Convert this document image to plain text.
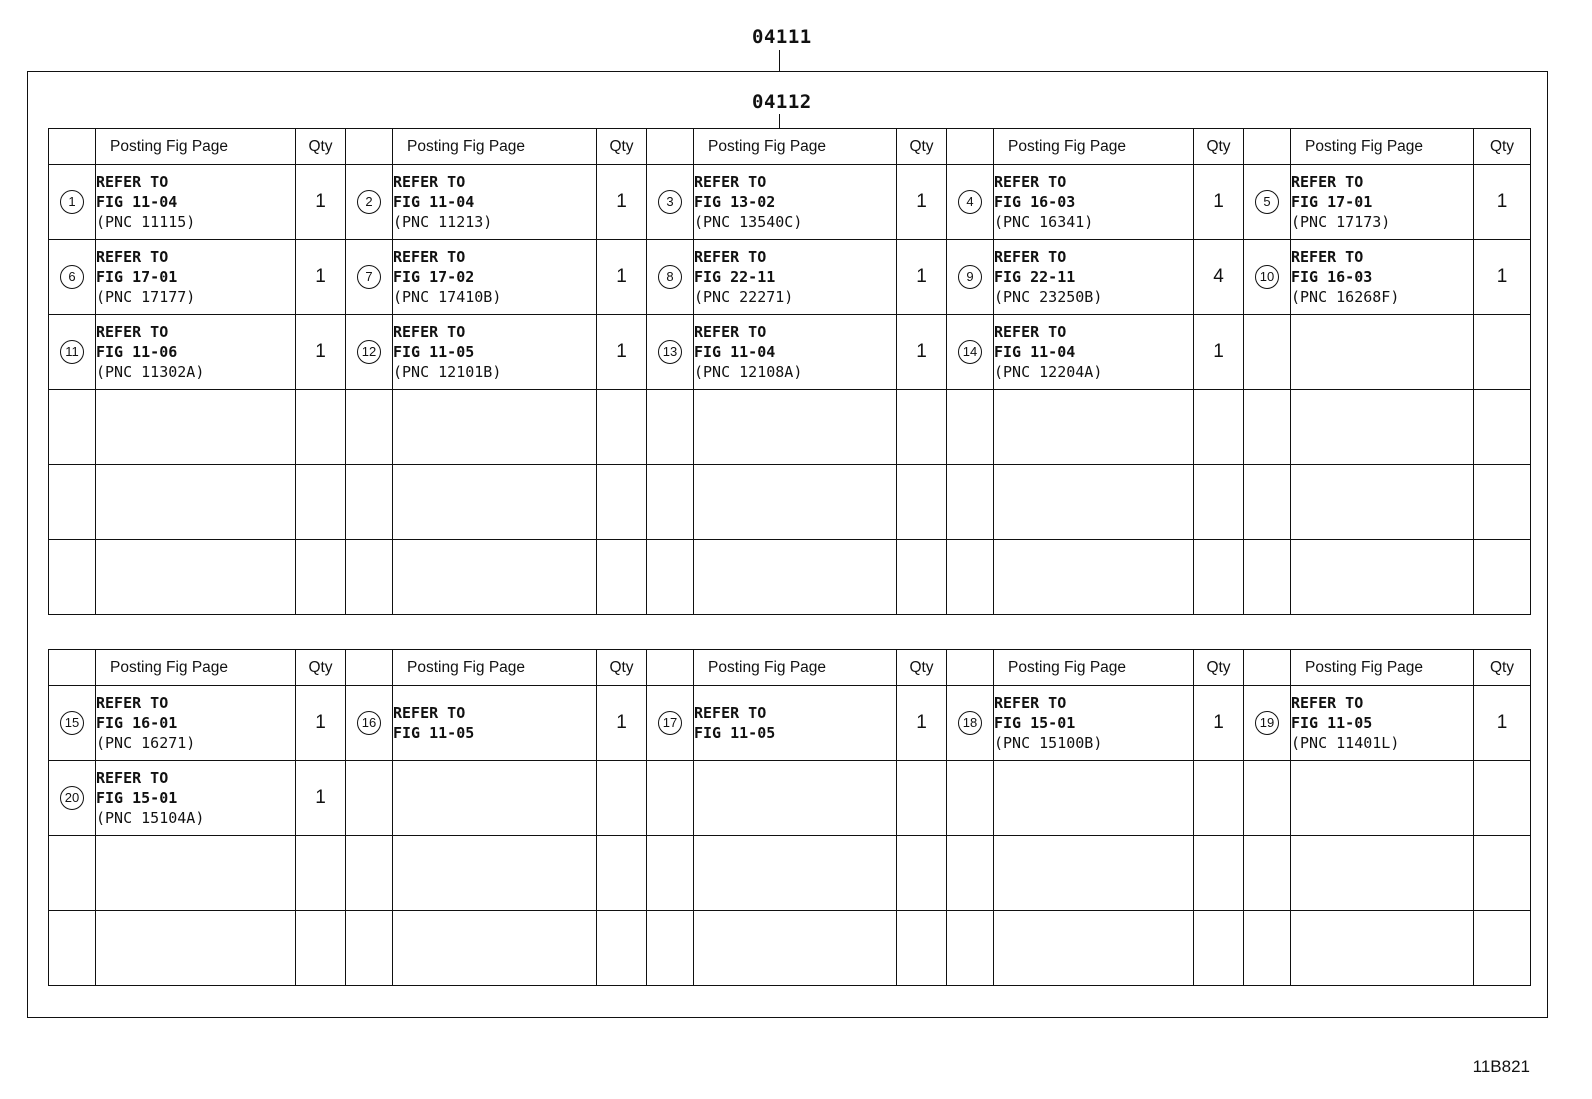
04111
04112
	Posting Fig Page	Qty		Posting Fig Page	Qty		Posting Fig Page	Qty		Posting Fig Page	Qty		Posting Fig Page	Qty
1	REFER TO
FIG 11-04
(PNC 11115)	1	2	REFER TO
FIG 11-04
(PNC 11213)	1	3	REFER TO
FIG 13-02
(PNC 13540C)	1	4	REFER TO
FIG 16-03
(PNC 16341)	1	5	REFER TO
FIG 17-01
(PNC 17173)	1
6	REFER TO
FIG 17-01
(PNC 17177)	1	7	REFER TO
FIG 17-02
(PNC 17410B)	1	8	REFER TO
FIG 22-11
(PNC 22271)	1	9	REFER TO
FIG 22-11
(PNC 23250B)	4	10	REFER TO
FIG 16-03
(PNC 16268F)	1
11	REFER TO
FIG 11-06
(PNC 11302A)	1	12	REFER TO
FIG 11-05
(PNC 12101B)	1	13	REFER TO
FIG 11-04
(PNC 12108A)	1	14	REFER TO
FIG 11-04
(PNC 12204A)	1			

	Posting Fig Page	Qty		Posting Fig Page	Qty		Posting Fig Page	Qty		Posting Fig Page	Qty		Posting Fig Page	Qty
15	REFER TO
FIG 16-01
(PNC 16271)	1	16	REFER TO
FIG 11-05	1	17	REFER TO
FIG 11-05	1	18	REFER TO
FIG 15-01
(PNC 15100B)	1	19	REFER TO
FIG 11-05
(PNC 11401L)	1
20	REFER TO
FIG 15-01
(PNC 15104A)	1												

11B821
